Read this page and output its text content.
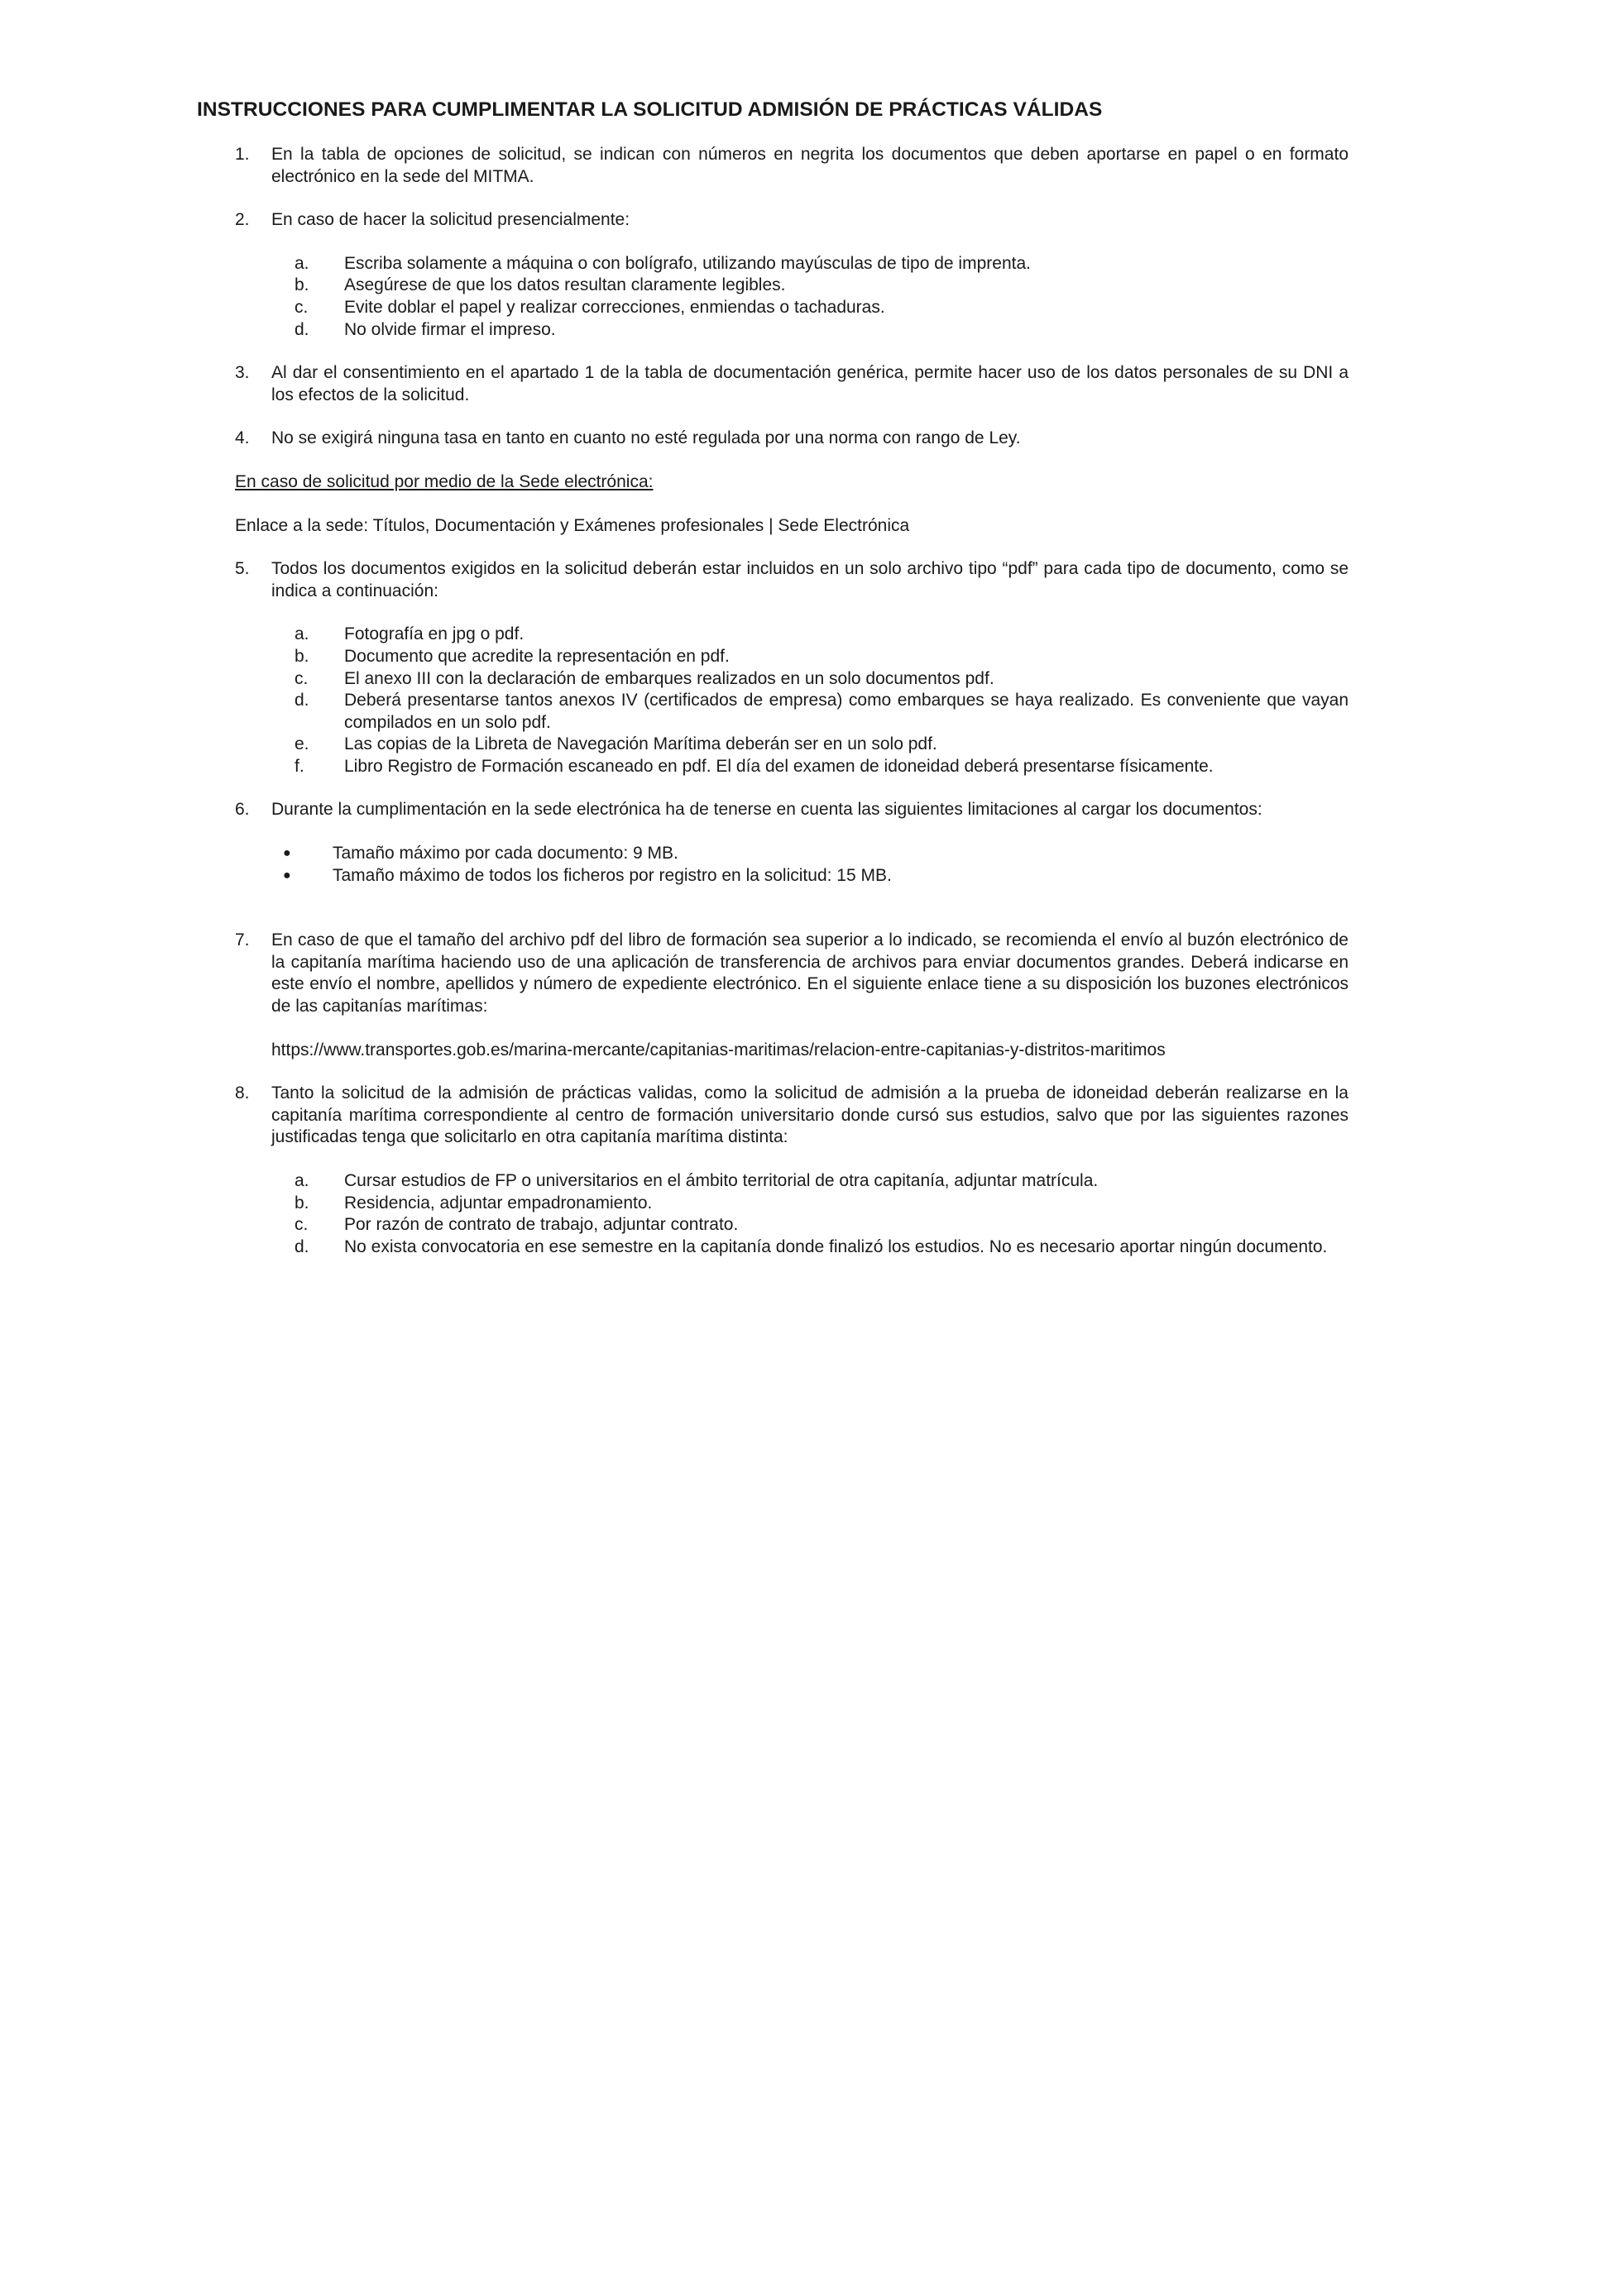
INSTRUCCIONES PARA CUMPLIMENTAR LA SOLICITUD ADMISIÓN DE PRÁCTICAS VÁLIDAS
1.	En la tabla de opciones de solicitud, se indican con números en negrita los documentos que deben aportarse en papel o en formato electrónico en la sede del MITMA.
2.	En caso de hacer la solicitud presencialmente:
a.	Escriba solamente a máquina o con bolígrafo, utilizando mayúsculas de tipo de imprenta.
b.	Asegúrese de que los datos resultan claramente legibles.
c.	Evite doblar el papel y realizar correcciones, enmiendas o tachaduras.
d.	No olvide firmar el impreso.
3.	Al dar el consentimiento en el apartado 1 de la tabla de documentación genérica, permite hacer uso de los datos personales de su DNI a los efectos de la solicitud.
4.	No se exigirá ninguna tasa en tanto en cuanto no esté regulada por una norma con rango de Ley.
En caso de solicitud por medio de la Sede electrónica:
Enlace a la sede: Títulos, Documentación y Exámenes profesionales | Sede Electrónica
5.	Todos los documentos exigidos en la solicitud deberán estar incluidos en un solo archivo tipo “pdf” para cada tipo de documento, como se indica a continuación:
a.	Fotografía en jpg o pdf.
b.	Documento que acredite la representación en pdf.
c.	El anexo III con la declaración de embarques realizados en un solo documentos pdf.
d.	Deberá presentarse tantos anexos IV (certificados de empresa) como embarques se haya realizado. Es conveniente que vayan compilados en un solo pdf.
e.	Las copias de la Libreta de Navegación Marítima deberán ser en un solo pdf.
f.	Libro Registro de Formación escaneado en pdf. El día del examen de idoneidad deberá presentarse físicamente.
6.	Durante la cumplimentación en la sede electrónica ha de tenerse en cuenta las siguientes limitaciones al cargar los documentos:
●	Tamaño máximo por cada documento: 9 MB.
●	Tamaño máximo de todos los ficheros por registro en la solicitud: 15 MB.
7.	En caso de que el tamaño del archivo pdf del libro de formación sea superior a lo indicado, se recomienda el envío al buzón electrónico de la capitanía marítima haciendo uso de una aplicación de transferencia de archivos para enviar documentos grandes. Deberá indicarse en este envío el nombre, apellidos y número de expediente electrónico. En el siguiente enlace tiene a su disposición los buzones electrónicos de las capitanías marítimas:
https://www.transportes.gob.es/marina-mercante/capitanias-maritimas/relacion-entre-capitanias-y-distritos-maritimos
8.	Tanto la solicitud de la admisión de prácticas validas, como la solicitud de admisión a la prueba de idoneidad deberán realizarse en la capitanía marítima correspondiente al centro de formación universitario donde cursó sus estudios, salvo que por las siguientes razones justificadas tenga que solicitarlo en otra capitanía marítima distinta:
a.	Cursar estudios de FP o universitarios en el ámbito territorial de otra capitanía, adjuntar matrícula.
b.	Residencia, adjuntar empadronamiento.
c.	Por razón de contrato de trabajo, adjuntar contrato.
d.	No exista convocatoria en ese semestre en la capitanía donde finalizó los estudios. No es necesario aportar ningún documento.
